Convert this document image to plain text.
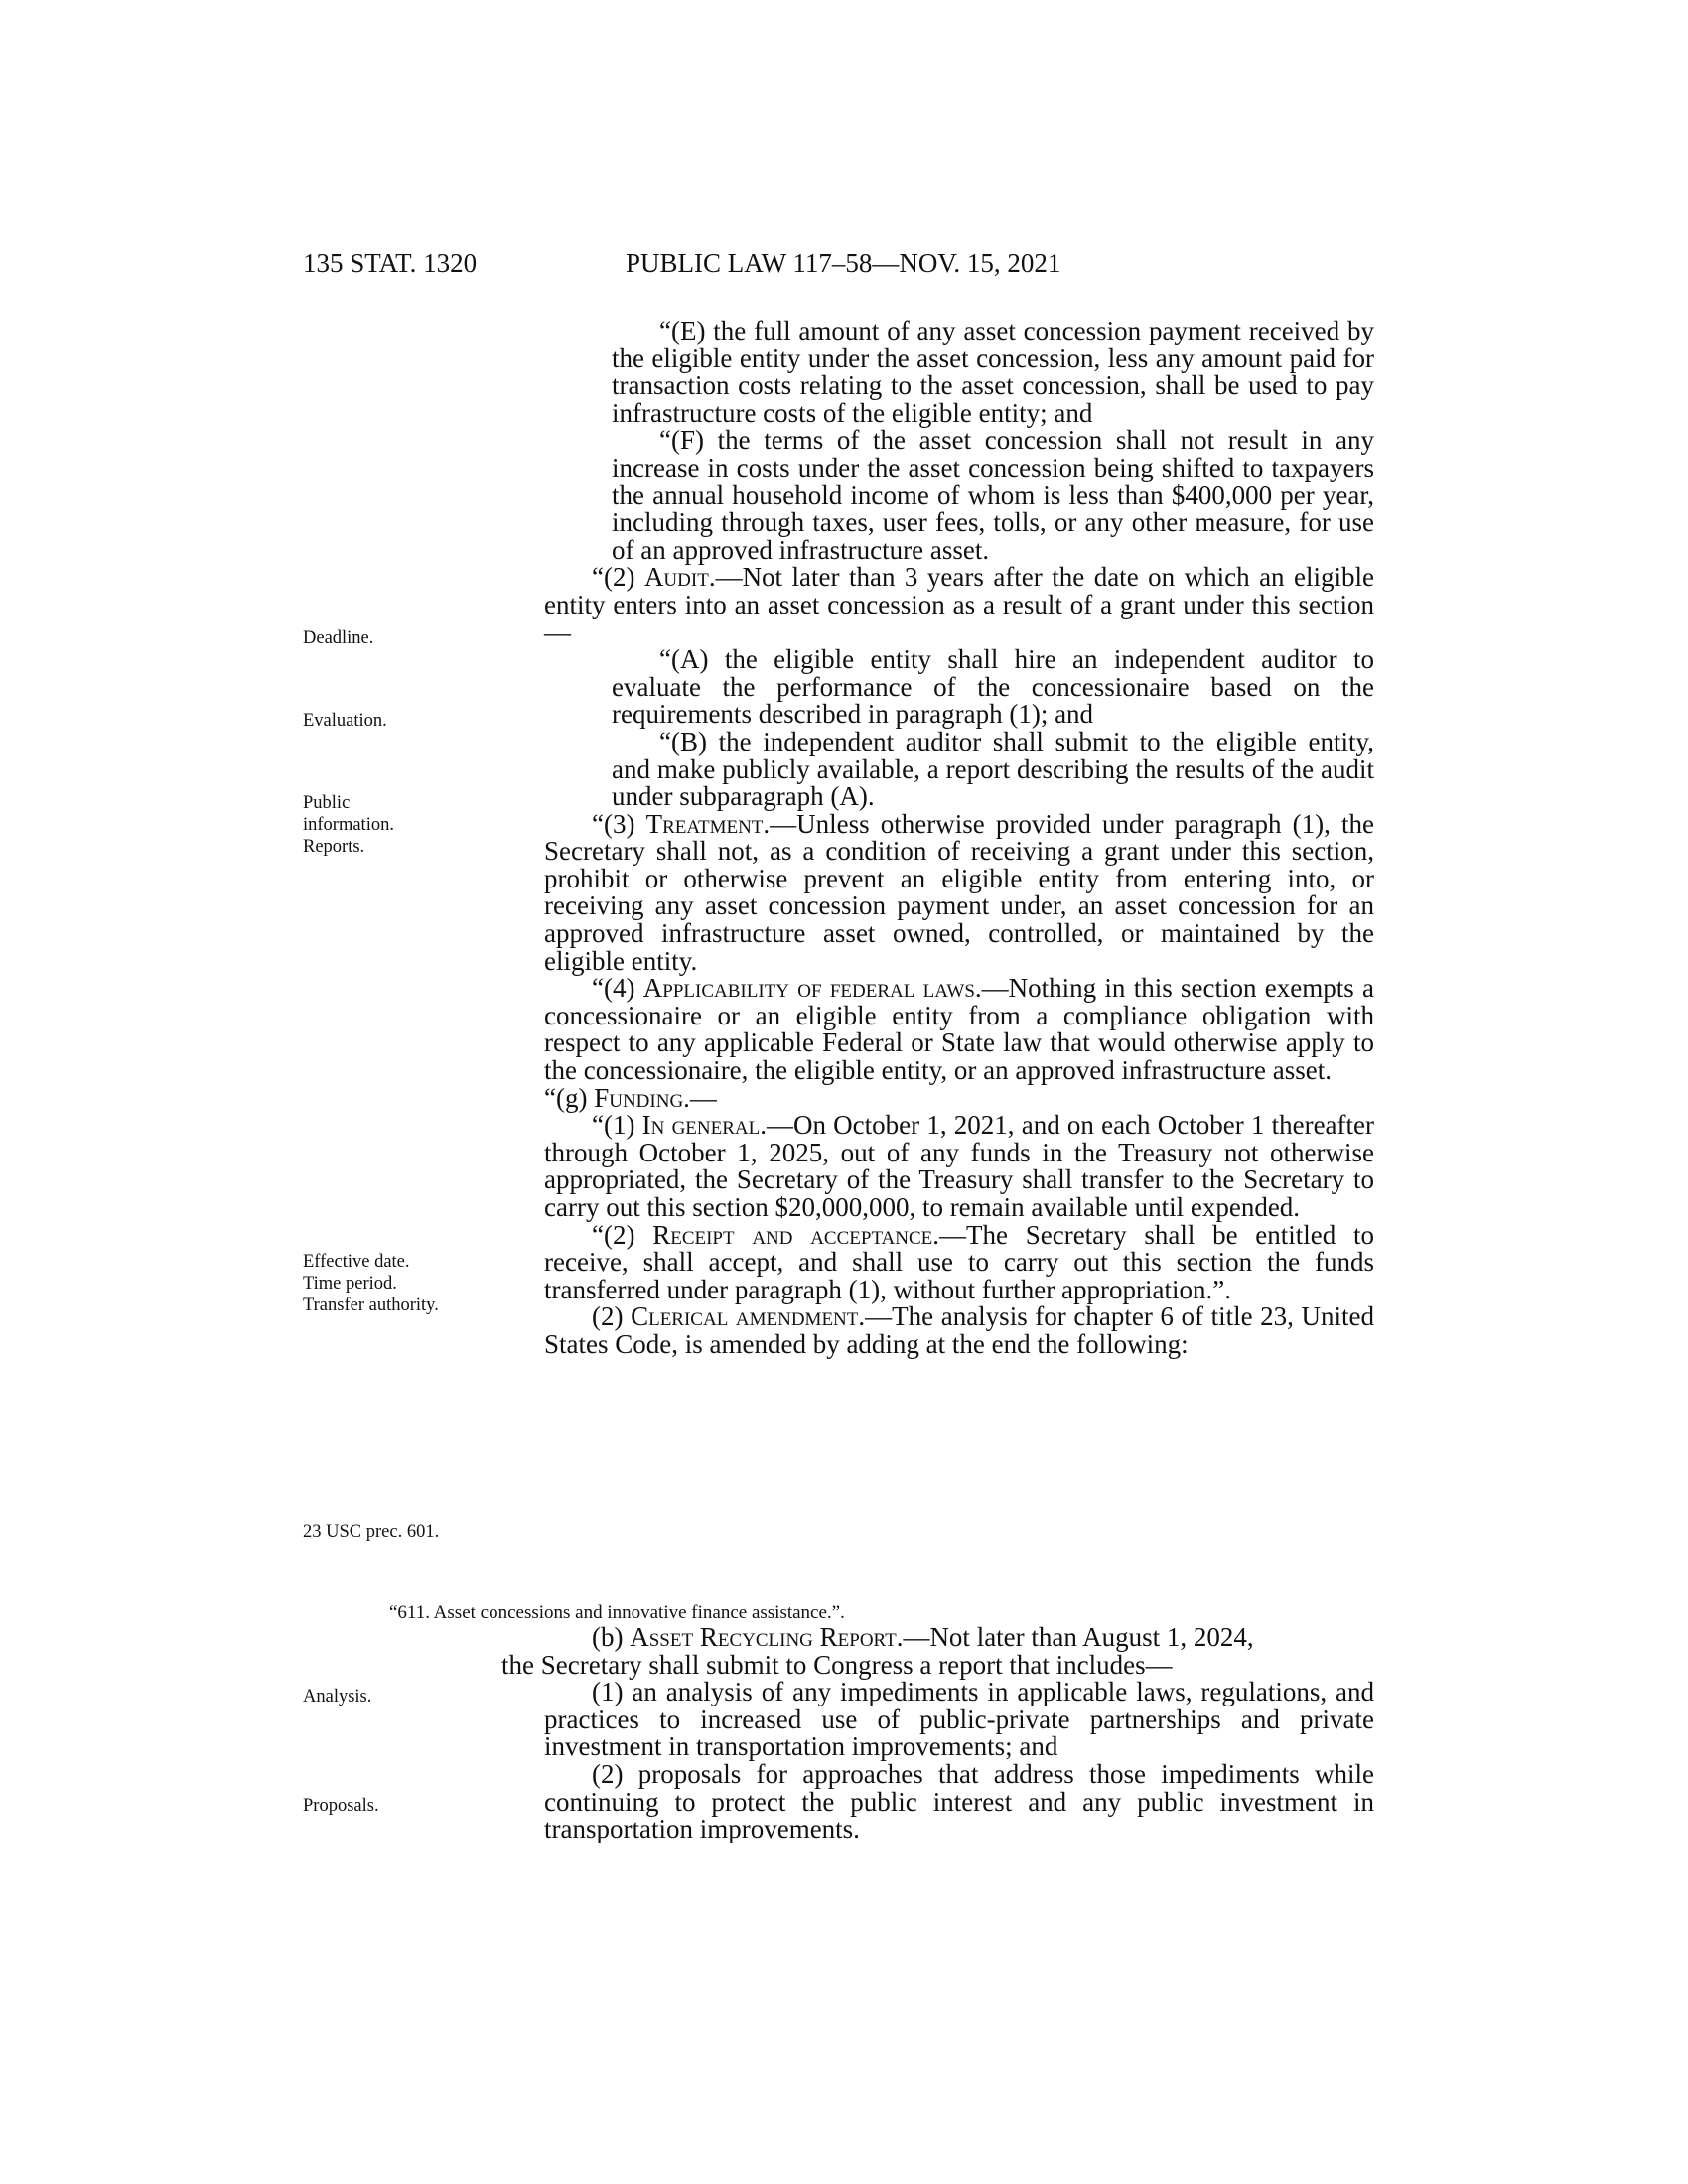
135 STAT. 1320	PUBLIC LAW 117–58—NOV. 15, 2021
Deadline.
Evaluation.
Public information. Reports.
Effective date. Time period. Transfer authority.
23 USC prec. 601.
Analysis.
Proposals.

“(E) the full amount of any asset concession payment received by the eligible entity under the asset concession, less any amount paid for transaction costs relating to the asset concession, shall be used to pay infrastructure costs of the eligible entity; and

“(F) the terms of the asset concession shall not result in any increase in costs under the asset concession being shifted to taxpayers the annual household income of whom is less than $400,000 per year, including through taxes, user fees, tolls, or any other measure, for use of an approved infrastructure asset.

“(2) Audit.—Not later than 3 years after the date on which an eligible entity enters into an asset concession as a result of a grant under this section—

“(A) the eligible entity shall hire an independent auditor to evaluate the performance of the concessionaire based on the requirements described in paragraph (1); and

“(B) the independent auditor shall submit to the eligible entity, and make publicly available, a report describing the results of the audit under subparagraph (A).

“(3) Treatment.—Unless otherwise provided under paragraph (1), the Secretary shall not, as a condition of receiving a grant under this section, prohibit or otherwise prevent an eligible entity from entering into, or receiving any asset concession payment under, an asset concession for an approved infrastructure asset owned, controlled, or maintained by the eligible entity.

“(4) Applicability of federal laws.—Nothing in this section exempts a concessionaire or an eligible entity from a compliance obligation with respect to any applicable Federal or State law that would otherwise apply to the concessionaire, the eligible entity, or an approved infrastructure asset.

“(g) Funding.—

“(1) In general.—On October 1, 2021, and on each October 1 thereafter through October 1, 2025, out of any funds in the Treasury not otherwise appropriated, the Secretary of the Treasury shall transfer to the Secretary to carry out this section $20,000,000, to remain available until expended.

“(2) Receipt and acceptance.—The Secretary shall be entitled to receive, shall accept, and shall use to carry out this section the funds transferred under paragraph (1), without further appropriation.”.

(2) Clerical amendment.—The analysis for chapter 6 of title 23, United States Code, is amended by adding at the end the following:

“611. Asset concessions and innovative finance assistance.”.

(b) Asset Recycling Report.—Not later than August 1, 2024,

the Secretary shall submit to Congress a report that includes—

(1) an analysis of any impediments in applicable laws, regulations, and practices to increased use of public-private partnerships and private investment in transportation improvements; and

(2) proposals for approaches that address those impediments while continuing to protect the public interest and any public investment in transportation improvements.
